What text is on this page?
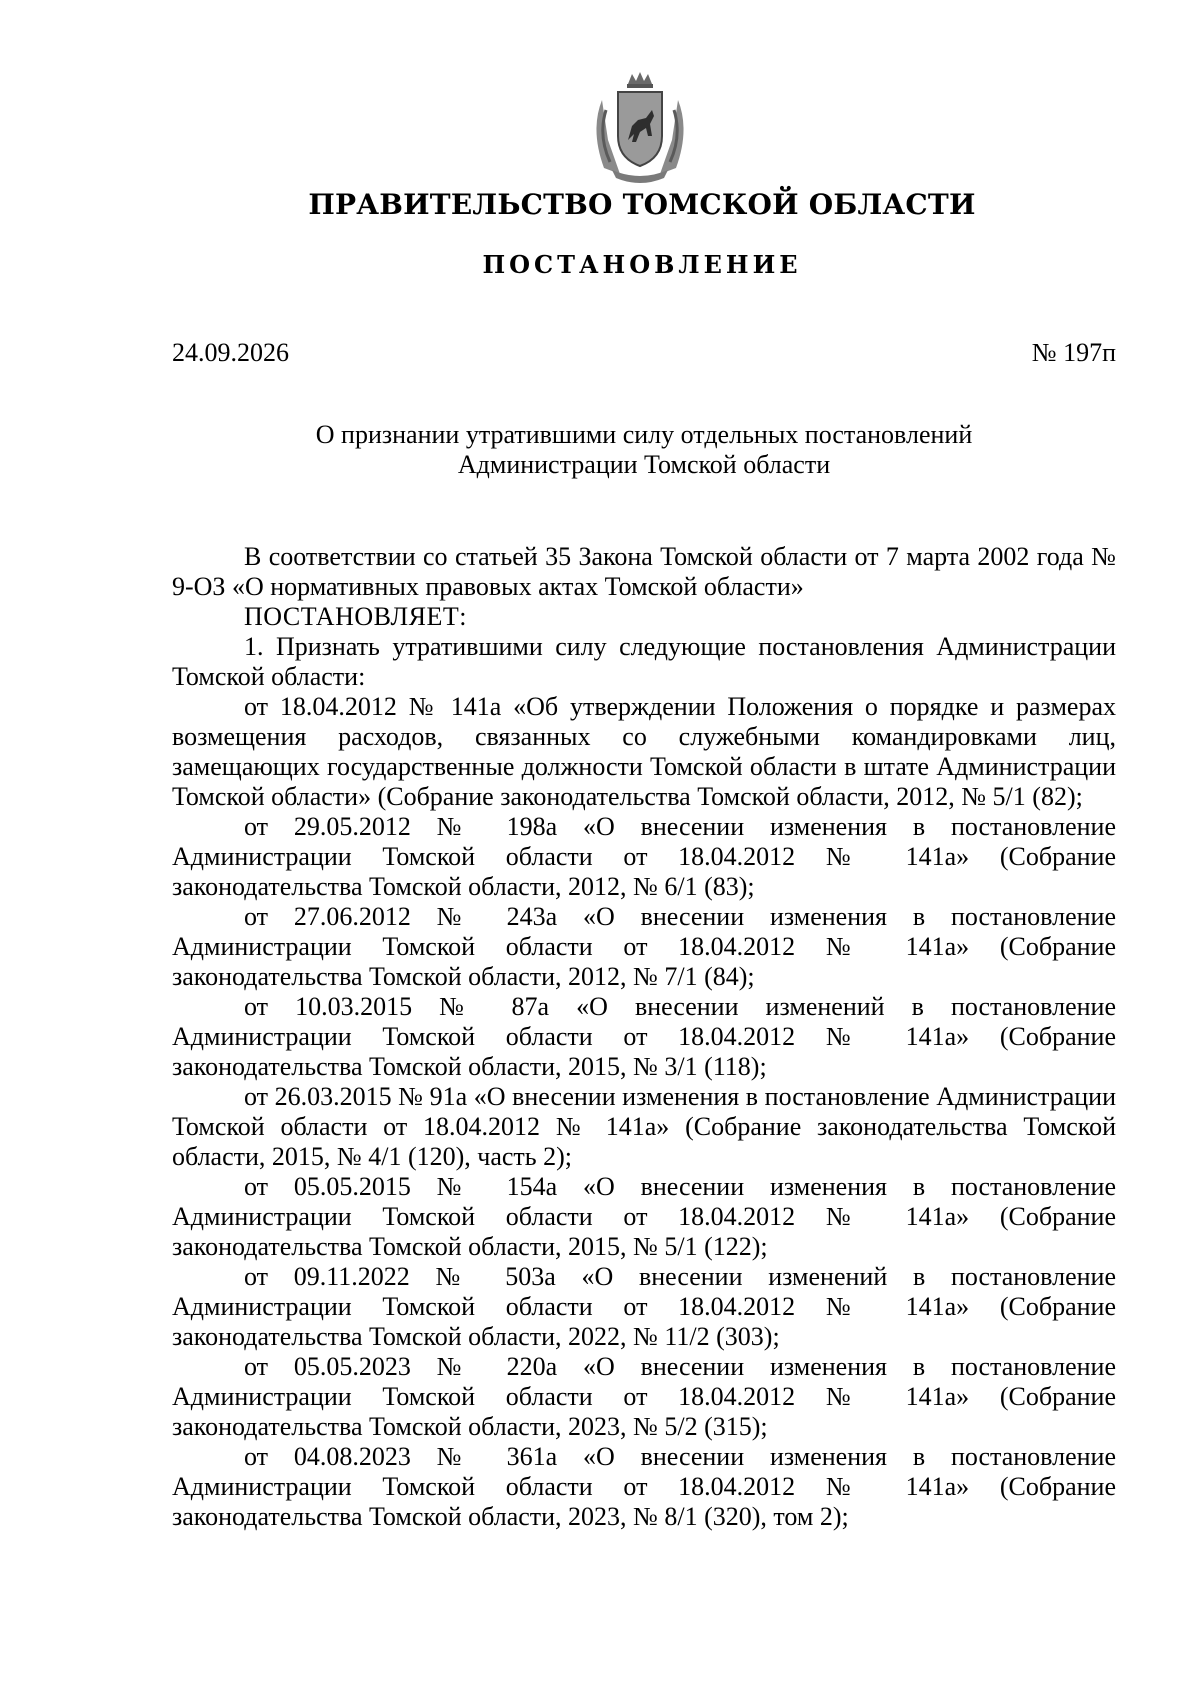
ПРАВИТЕЛЬСТВО ТОМСКОЙ ОБЛАСТИ
ПОСТАНОВЛЕНИЕ
24.09.2026	№ 197п
О признании утратившими силу отдельных постановлений
Администрации Томской области

В соответствии со статьей 35 Закона Томской области от 7 марта 2002 года № 9-ОЗ «О нормативных правовых актах Томской области»

ПОСТАНОВЛЯЕТ:

1. Признать утратившими силу следующие постановления Администрации Томской области:

от 18.04.2012 № 141а «Об утверждении Положения о порядке и размерах возмещения расходов, связанных со служебными командировками лиц, замещающих государственные должности Томской области в штате Администрации Томской области» (Собрание законодательства Томской области, 2012, № 5/1 (82);

от 29.05.2012 № 198а «О внесении изменения в постановление Администрации Томской области от 18.04.2012 № 141а» (Собрание законодательства Томской области, 2012, № 6/1 (83);

от 27.06.2012 № 243а «О внесении изменения в постановление Администрации Томской области от 18.04.2012 № 141а» (Собрание законодательства Томской области, 2012, № 7/1 (84);

от 10.03.2015 № 87а «О внесении изменений в постановление Администрации Томской области от 18.04.2012 № 141а» (Собрание законодательства Томской области, 2015, № 3/1 (118);

от 26.03.2015 № 91а «О внесении изменения в постановление Администрации Томской области от 18.04.2012 № 141а» (Собрание законодательства Томской области, 2015, № 4/1 (120), часть 2);

от 05.05.2015 № 154а «О внесении изменения в постановление Администрации Томской области от 18.04.2012 № 141а» (Собрание законодательства Томской области, 2015, № 5/1 (122);

от 09.11.2022 № 503а «О внесении изменений в постановление Администрации Томской области от 18.04.2012 № 141а» (Собрание законодательства Томской области, 2022, № 11/2 (303);

от 05.05.2023 № 220а «О внесении изменения в постановление Администрации Томской области от 18.04.2012 № 141а» (Собрание законодательства Томской области, 2023, № 5/2 (315);

от 04.08.2023 № 361а «О внесении изменения в постановление Администрации Томской области от 18.04.2012 № 141а» (Собрание законодательства Томской области, 2023, № 8/1 (320), том 2);
